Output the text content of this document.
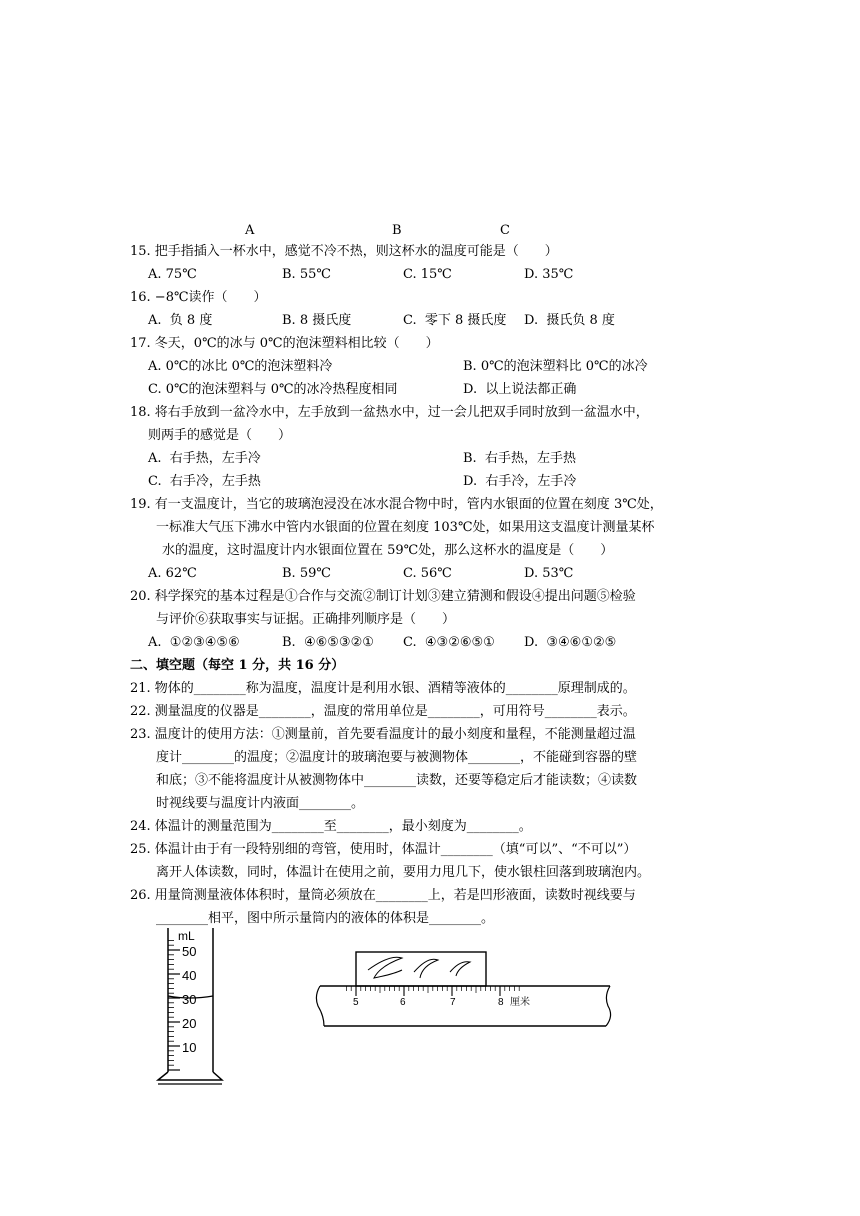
A	B	C
15. 把手指插入一杯水中，感觉不冷不热，则这杯水的温度可能是（　　）
A. 75℃	B. 55℃	C. 15℃	D. 35℃
16. −8℃读作（　　）
A.  负 8 度	B. 8 摄氏度	C.  零下 8 摄氏度 D.  摄氏负 8 度
17. 冬天，0℃的冰与 0℃的泡沫塑料相比较（　　）
A. 0℃的冰比 0℃的泡沫塑料冷	B. 0℃的泡沫塑料比 0℃的冰冷
C. 0℃的泡沫塑料与 0℃的冰冷热程度相同	D.  以上说法都正确
18. 将右手放到一盆冷水中，左手放到一盆热水中，过一会儿把双手同时放到一盆温水中，
则两手的感觉是（　　）
A.  右手热，左手冷	B.  右手热，左手热
C.  右手冷，左手热	D.  右手冷，左手冷
19. 有一支温度计，当它的玻璃泡浸没在冰水混合物中时，管内水银面的位置在刻度 3℃处，
一标准大气压下沸水中管内水银面的位置在刻度 103℃处，如果用这支温度计测量某杯
水的温度，这时温度计内水银面位置在 59℃处，那么这杯水的温度是（　　）
A. 62℃	B. 59℃	C. 56℃	D. 53℃
20. 科学探究的基本过程是①合作与交流②制订计划③建立猜测和假设④提出问题⑤检验
与评价⑥获取事实与证据。正确排列顺序是（　　）
A.  ①②③④⑤⑥	B.  ④⑥⑤③②① C.  ④③②⑥⑤① D.  ③④⑥①②⑤
二、填空题（每空 1 分，共 16 分）
21. 物体的________称为温度，温度计是利用水银、酒精等液体的________原理制成的。
22. 测量温度的仪器是________，温度的常用单位是________，可用符号________表示。
23. 温度计的使用方法：①测量前，首先要看温度计的最小刻度和量程，不能测量超过温
度计________的温度；②温度计的玻璃泡要与被测物体________，不能碰到容器的壁
和底；③不能将温度计从被测物体中________读数，还要等稳定后才能读数；④读数
时视线要与温度计内液面________。
24. 体温计的测量范围为________至________，最小刻度为________。
25. 体温计由于有一段特别细的弯管，使用时，体温计________（填“可以”、“不可以”）
离开人体读数，同时，体温计在使用之前，要用力甩几下，使水银柱回落到玻璃泡内。
26. 用量筒测量液体体积时，量筒必须放在________上，若是凹形液面，读数时视线要与
________相平，图中所示量筒内的液体的体积是________。
mL
50
40
30
20
10
5	6	7	8 厘米
